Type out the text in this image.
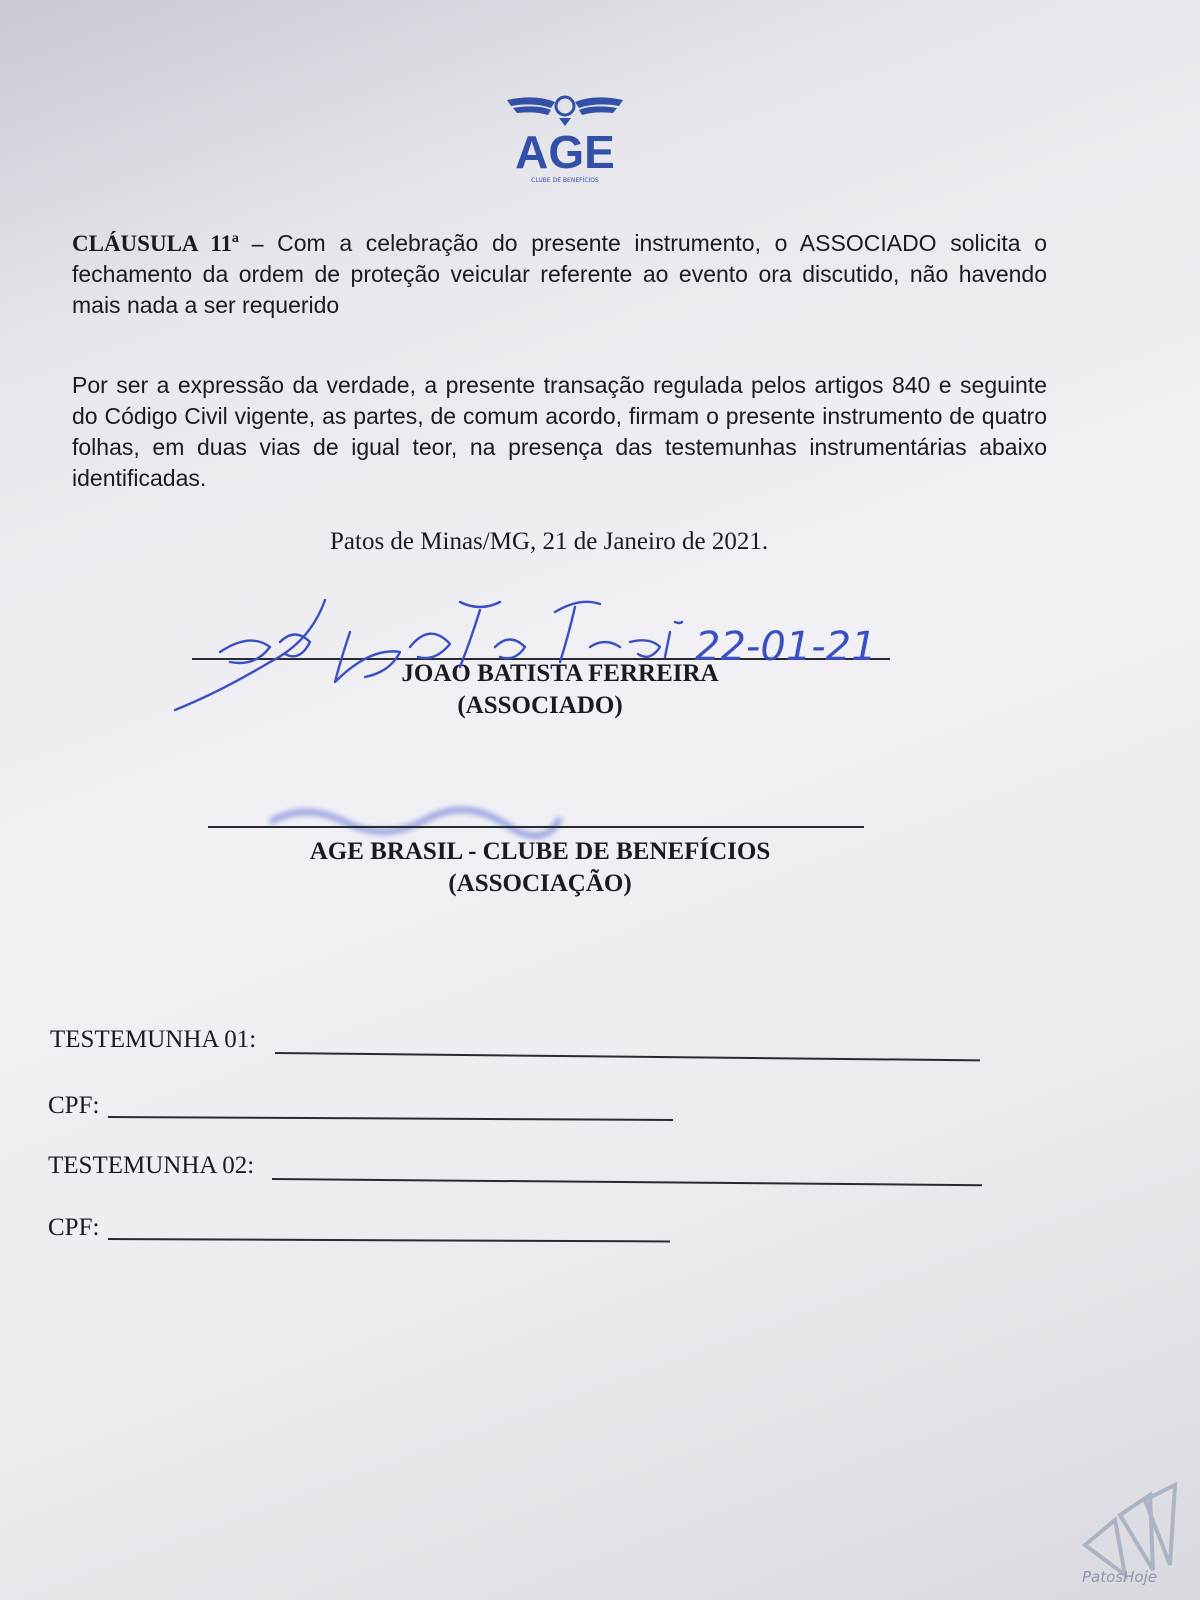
AGE
CLUBE DE BENEFÍCIOS
CLÁUSULA 11ª – Com a celebração do presente instrumento, o ASSOCIADO solicita o fechamento da ordem de proteção veicular referente ao evento ora discutido, não havendo mais nada a ser requerido
Por ser a expressão da verdade, a presente transação regulada pelos artigos 840 e seguinte do Código Civil vigente, as partes, de comum acordo, firmam o presente instrumento de quatro folhas, em duas vias de igual teor, na presença das testemunhas instrumentárias abaixo identificadas.
Patos de Minas/MG, 21 de Janeiro de 2021.
JOAO BATISTA FERREIRA
(ASSOCIADO)
22-01-21
AGE BRASIL - CLUBE DE BENEFÍCIOS
(ASSOCIAÇÃO)
TESTEMUNHA 01:
CPF:
TESTEMUNHA 02:
CPF:
PatosHoje
